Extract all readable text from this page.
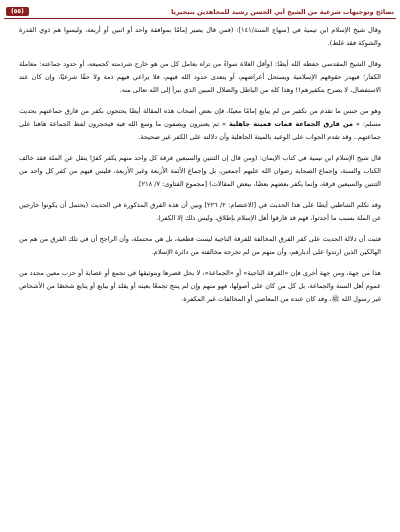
نصائح وتوجيهات شرعية من الشيخ أبي الحسن رشيد للمجاهدين بنيجيريا
(٥٥)

وقال شيخ الإسلام ابن تيمية في [منهاج السنة/١٤١]: (فمن قال يصير إمامًا بموافقة واحد أو اثنين أو أربعة، وليسوا هم ذوي القدرة والشوكة فقد غلط).

وقال الشيخ المقدسي حفظه الله أيضًا: (وأقل الغلاة سواءً من تراه يعامل كل من هو خارج شرذمته كجميعه، أو حدود جماعته: معاملة الكفار؛ فيهدر حقوقهم الإسلامية ويستحل أعراضهم، أو يتعدى حدود الله فيهم، فلا يراعي فيهم ذمة ولا حقًا شرعيًا، وإن كان عند الاستفصال، لا يصرح بتكفيرهم!! وهذا كله من الباطل والضلال المبين الذي نبرأ إلى الله تعالى منه.

وهو من جنس ما تقدم من تكفير من لم يبايع إمامًا معينًا، فإن بعض أصحاب هذه المقالة أيضًا يحتجون بكفر من فارق جماعتهم بحديث مسلم: « من فارق الجماعة فمات فميتة جاهلية » ثم يعتبرون ويصفون ما وسع الله فيه فيحجرون لفظ الجماعة هاهنا على جماعتهم.. وقد تقدم الجواب على الوعيد بالميتة الجاهلية وأن دلالته على الكفر غير صحيحة.

قال شيخ الإسلام ابن تيمية في كتاب الإيمان: (ومن قال إن الثنتين والسبعين فرقة كل واحد منهم يكفر كفرًا ينقل عن الملة فقد خالف الكتاب والسنة، وإجماع الصحابة رضوان الله عليهم أجمعين، بل وإجماع الأئمة الأربعة وغير الأربعة، فليس فيهم من كفر كل واحد من الثنتين والسبعين فرقة، وإنما يكفر بعضهم بعضًا، ببعض المقالات) [مجموع الفتاوى: ٧/ ٢١٨].

وقد تكلم الشاطبي أيضًا على هذا الحديث في [الاعتصام: ٢/ ٢٢٦] وبين أن هذه الفرق المذكورة في الحديث (يحتمل أن يكونوا خارجين عن الملة بسبب ما أحدثوا، فهم قد فارقوا أهل الإسلام بإطلاق، وليس ذلك إلا الكفر).

فثبت أن دلالة الحديث على كفر الفرق المخالفة للفرقة الناجية ليست قطعية، بل هي محتملة، وأن الراجح أن في تلك الفرق من هم من الهالكين الذين ارتدوا على أدبارهم، وأن منهم من لم تخرجه مخالفته من دائرة الإسلام.

هذا من جهة، ومن جهة أخرى فإن «الفرقة الناجية» أو «الجماعة»، لا يحل قصرها وبتوثيقها في تجمع أو عصابة أو حزب معين محدد من عموم أهل السنة والجماعة، بل كل من كان على أصولها، فهو منهم وإن لم ينتج تجمعًا بعينه أو يقلد أو يبايع أو يتابع شخصًا من الأشخاص غير رسول الله ﷺ، وقد كان عنده من المعاصي أو المخالفات غير المكفرة.
